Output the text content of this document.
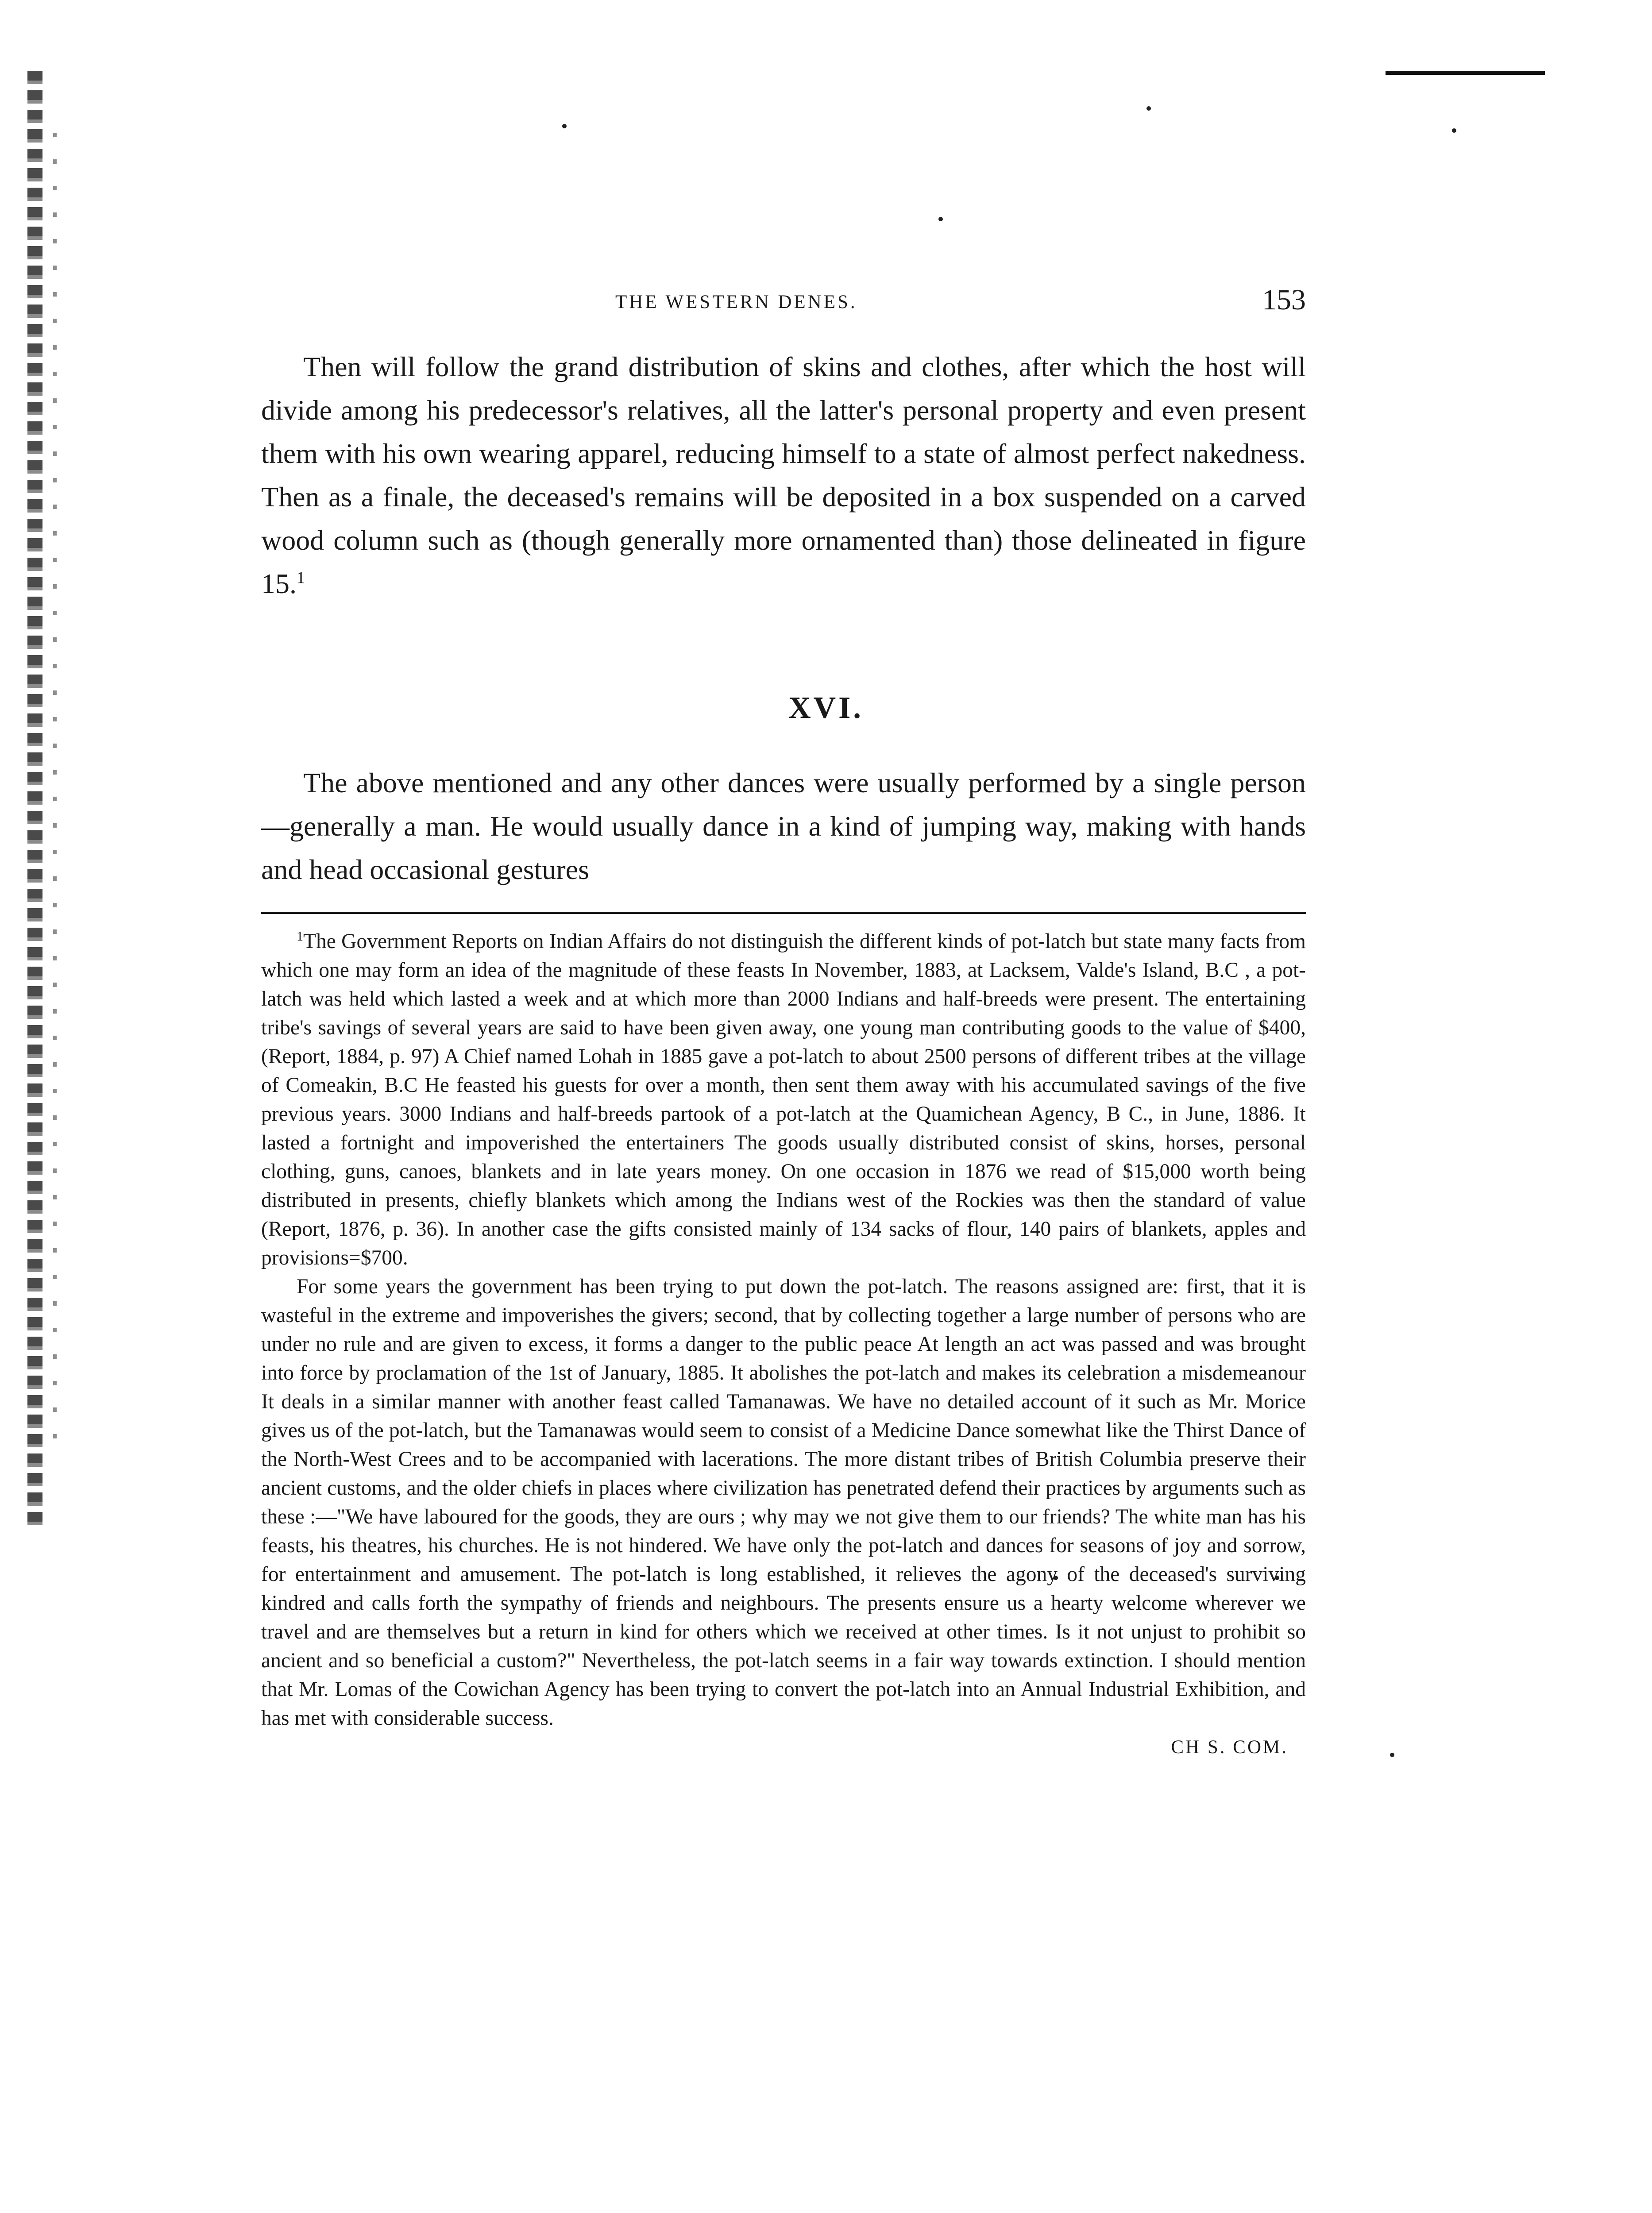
THE WESTERN DENES.	153

Then will follow the grand distribution of skins and clothes, after which the host will divide among his predecessor's relatives, all the latter's personal property and even present them with his own wearing apparel, reducing himself to a state of almost perfect nakedness. Then as a finale, the deceased's remains will be deposited in a box suspended on a carved wood column such as (though generally more ornamented than) those delineated in figure 15.$^1$

XVI.

The above mentioned and any other dances were usually performed by a single person—generally a man. He would usually dance in a kind of jumping way, making with hands and head occasional gestures

$^1$The Government Reports on Indian Affairs do not distinguish the different kinds of pot-latch but state many facts from which one may form an idea of the magnitude of these feasts In November, 1883, at Lacksem, Valde's Island, B.C , a pot-latch was held which lasted a week and at which more than 2000 Indians and half-breeds were present. The entertaining tribe's savings of several years are said to have been given away, one young man contributing goods to the value of $400, (Report, 1884, p. 97) A Chief named Lohah in 1885 gave a pot-latch to about 2500 persons of different tribes at the village of Comeakin, B.C He feasted his guests for over a month, then sent them away with his accumulated savings of the five previous years. 3000 Indians and half-breeds partook of a pot-latch at the Quamichean Agency, B C., in June, 1886. It lasted a fortnight and impoverished the entertainers The goods usually distributed consist of skins, horses, personal clothing, guns, canoes, blankets and in late years money. On one occasion in 1876 we read of $15,000 worth being distributed in presents, chiefly blankets which among the Indians west of the Rockies was then the standard of value (Report, 1876, p. 36). In another case the gifts consisted mainly of 134 sacks of flour, 140 pairs of blankets, apples and provisions=$700.

For some years the government has been trying to put down the pot-latch. The reasons assigned are: first, that it is wasteful in the extreme and impoverishes the givers; second, that by collecting together a large number of persons who are under no rule and are given to excess, it forms a danger to the public peace At length an act was passed and was brought into force by proclamation of the 1st of January, 1885. It abolishes the pot-latch and makes its celebration a misdemeanour It deals in a similar manner with another feast called Tamanawas. We have no detailed account of it such as Mr. Morice gives us of the pot-latch, but the Tamanawas would seem to consist of a Medicine Dance somewhat like the Thirst Dance of the North-West Crees and to be accompanied with lacerations. The more distant tribes of British Columbia preserve their ancient customs, and the older chiefs in places where civilization has penetrated defend their practices by arguments such as these :—"We have laboured for the goods, they are ours ; why may we not give them to our friends? The white man has his feasts, his theatres, his churches. He is not hindered. We have only the pot-latch and dances for seasons of joy and sorrow, for entertainment and amusement. The pot-latch is long established, it relieves the agony of the deceased's surviving kindred and calls forth the sympathy of friends and neighbours. The presents ensure us a hearty welcome wherever we travel and are themselves but a return in kind for others which we received at other times. Is it not unjust to prohibit so ancient and so beneficial a custom?" Nevertheless, the pot-latch seems in a fair way towards extinction. I should mention that Mr. Lomas of the Cowichan Agency has been trying to convert the pot-latch into an Annual Industrial Exhibition, and has met with considerable success.

CH S. COM.
